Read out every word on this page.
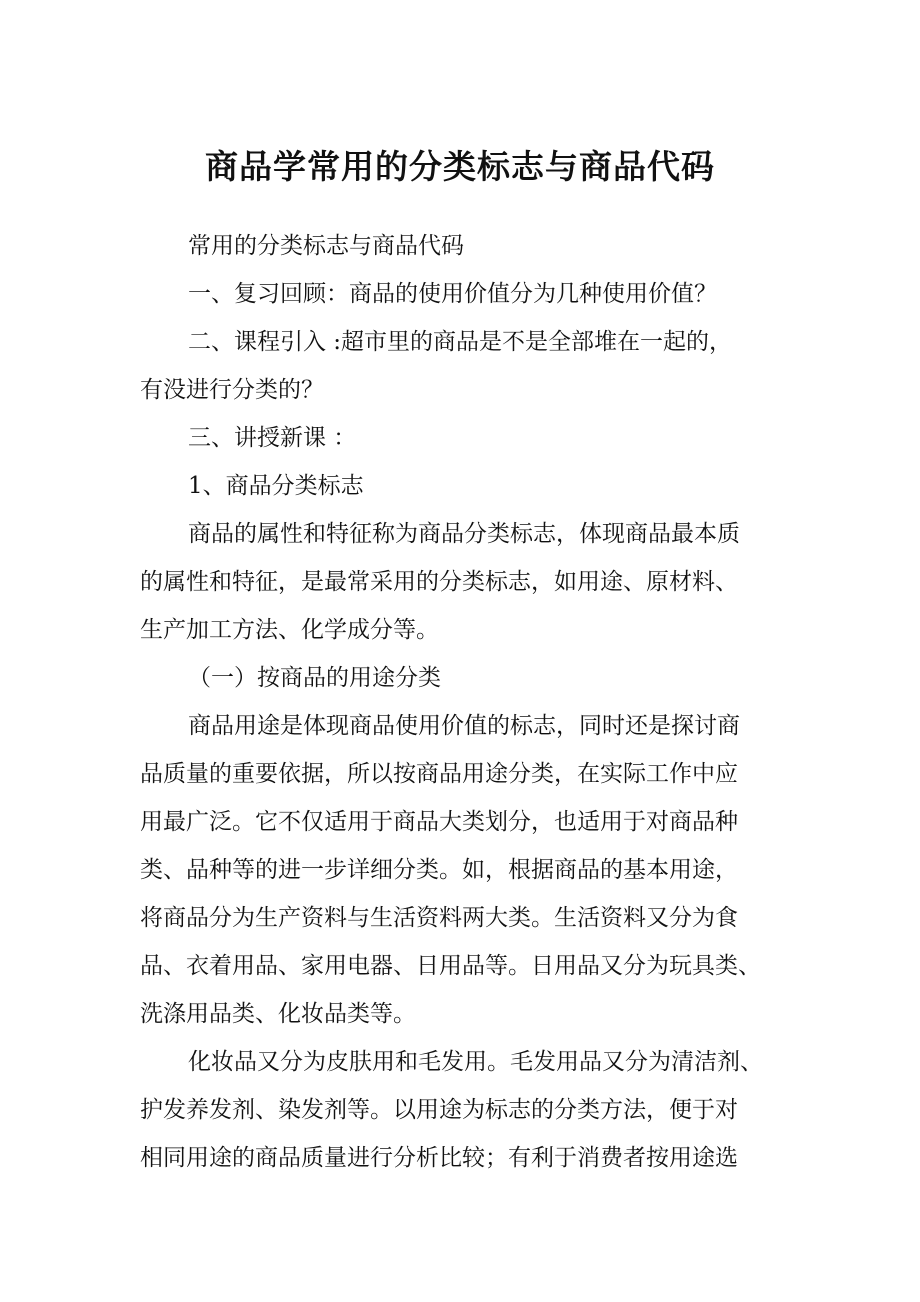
商品学常用的分类标志与商品代码

常用的分类标志与商品代码

一、复习回顾：商品的使用价值分为几种使用价值？

二、课程引入 :超市里的商品是不是全部堆在一起的，
有没进行分类的？

三、讲授新课 ：

1、商品分类标志

商品的属性和特征称为商品分类标志，体现商品最本质
的属性和特征，是最常采用的分类标志，如用途、原材料、
生产加工方法、化学成分等。

（一）按商品的用途分类

商品用途是体现商品使用价值的标志，同时还是探讨商
品质量的重要依据，所以按商品用途分类，在实际工作中应
用最广泛。它不仅适用于商品大类划分，也适用于对商品种
类、品种等的进一步详细分类。如，根据商品的基本用途，
将商品分为生产资料与生活资料两大类。生活资料又分为食
品、衣着用品、家用电器、日用品等。日用品又分为玩具类、
洗涤用品类、化妆品类等。

化妆品又分为皮肤用和毛发用。毛发用品又分为清洁剂、
护发养发剂、染发剂等。以用途为标志的分类方法，便于对
相同用途的商品质量进行分析比较；有利于消费者按用途选
